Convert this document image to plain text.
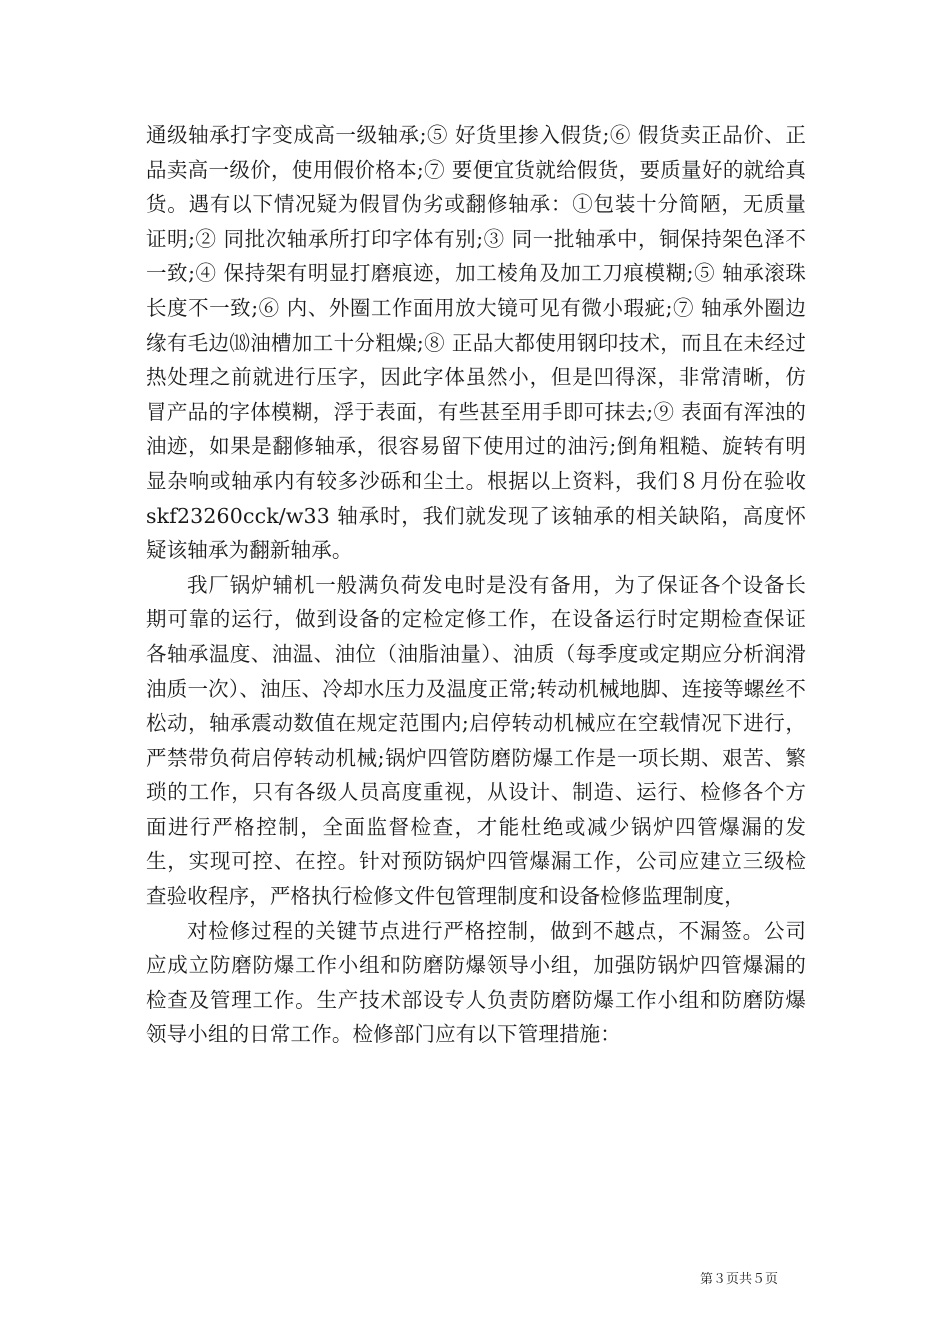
通级轴承打字变成高一级轴承;⑤ 好货里掺入假货;⑥ 假货卖正品价、正品卖高一级价，使用假价格本;⑦ 要便宜货就给假货，要质量好的就给真货。遇有以下情况疑为假冒伪劣或翻修轴承：①包装十分简陋，无质量证明;② 同批次轴承所打印字体有别;③ 同一批轴承中，铜保持架色泽不一致;④ 保持架有明显打磨痕迹，加工棱角及加工刀痕模糊;⑤ 轴承滚珠长度不一致;⑥ 内、外圈工作面用放大镜可见有微小瑕疵;⑦ 轴承外圈边缘有毛边⒅油槽加工十分粗燥;⑧ 正品大都使用钢印技术，而且在未经过热处理之前就进行压字，因此字体虽然小，但是凹得深，非常清晰，仿冒产品的字体模糊，浮于表面，有些甚至用手即可抹去;⑨ 表面有浑浊的油迹，如果是翻修轴承，很容易留下使用过的油污;倒角粗糙、旋转有明显杂响或轴承内有较多沙砾和尘土。根据以上资料，我们８月份在验收 skf23260cck/w33 轴承时，我们就发现了该轴承的相关缺陷，高度怀疑该轴承为翻新轴承。

我厂锅炉辅机一般满负荷发电时是没有备用，为了保证各个设备长期可靠的运行，做到设备的定检定修工作，在设备运行时定期检查保证各轴承温度、油温、油位（油脂油量）、油质（每季度或定期应分析润滑油质一次）、油压、冷却水压力及温度正常;转动机械地脚、连接等螺丝不松动，轴承震动数值在规定范围内;启停转动机械应在空载情况下进行，严禁带负荷启停转动机械;锅炉四管防磨防爆工作是一项长期、艰苦、繁琐的工作，只有各级人员高度重视，从设计、制造、运行、检修各个方面进行严格控制，全面监督检查，才能杜绝或减少锅炉四管爆漏的发生，实现可控、在控。针对预防锅炉四管爆漏工作，公司应建立三级检查验收程序，严格执行检修文件包管理制度和设备检修监理制度，

对检修过程的关键节点进行严格控制，做到不越点，不漏签。公司应成立防磨防爆工作小组和防磨防爆领导小组，加强防锅炉四管爆漏的检查及管理工作。生产技术部设专人负责防磨防爆工作小组和防磨防爆领导小组的日常工作。检修部门应有以下管理措施：

第３页共５页
